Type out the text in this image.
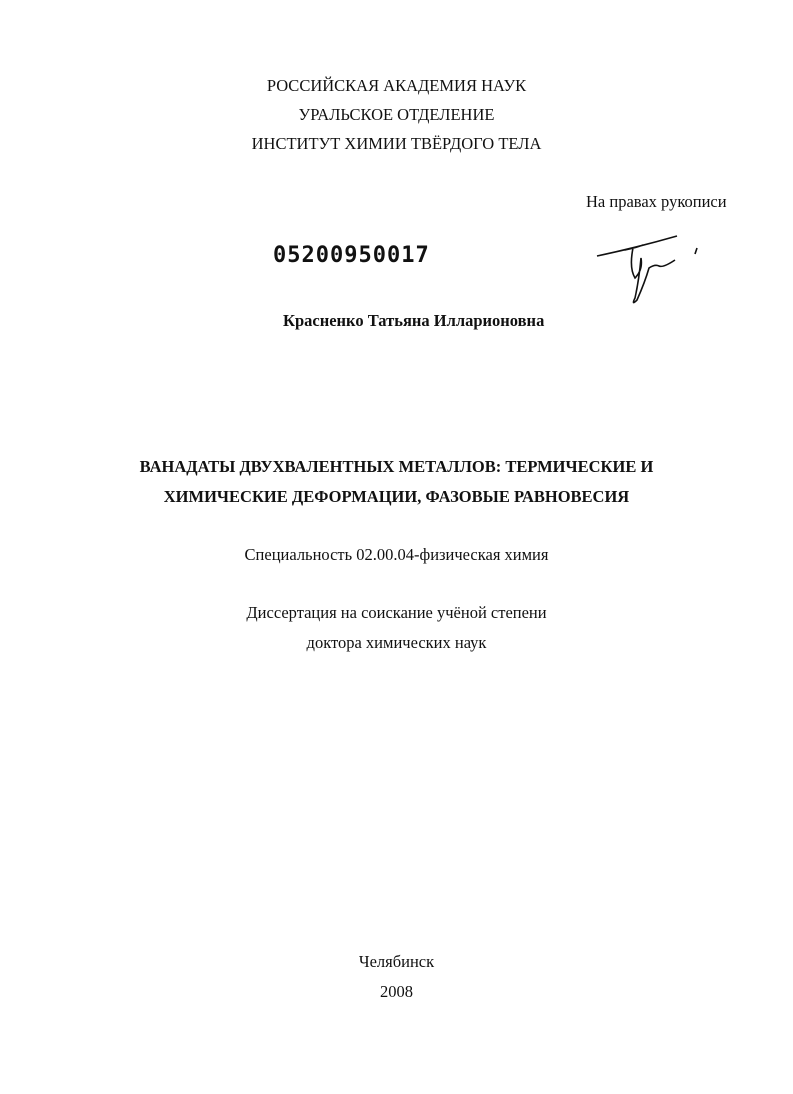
РОССИЙСКАЯ АКАДЕМИЯ НАУК
УРАЛЬСКОЕ ОТДЕЛЕНИЕ
ИНСТИТУТ ХИМИИ ТВЁРДОГО ТЕЛА
На правах рукописи
05200950017
Красненко Татьяна Илларионовна
ВАНАДАТЫ ДВУХВАЛЕНТНЫХ МЕТАЛЛОВ: ТЕРМИЧЕСКИЕ И
ХИМИЧЕСКИЕ ДЕФОРМАЦИИ, ФАЗОВЫЕ РАВНОВЕСИЯ
Специальность 02.00.04-физическая химия
Диссертация на соискание учёной степени
доктора химических наук
Челябинск
2008
